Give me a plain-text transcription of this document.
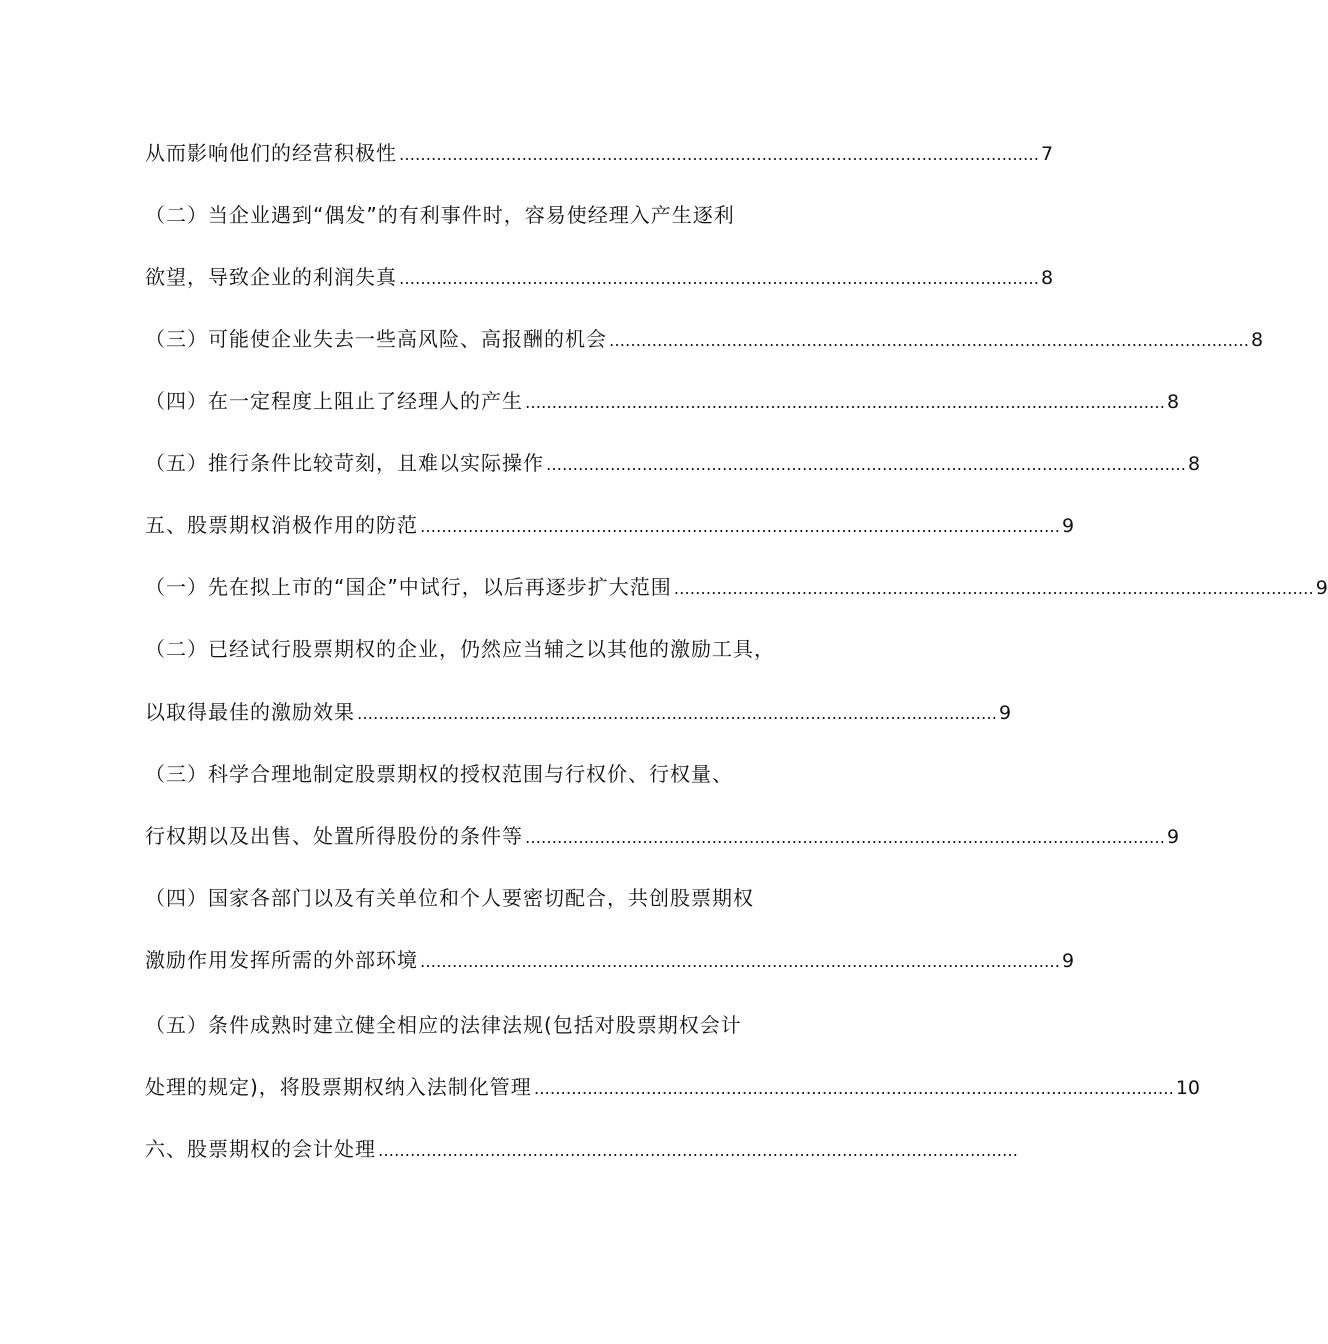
从而影响他们的经营积极性 ………………………………………………………………………………………………………… 7
（二）当企业遇到“偶发”的有利事件时，容易使经理入产生逐利
欲望，导致企业的利润失真 ………………………………………………………………………………………………………… 8
（三）可能使企业失去一些高风险、高报酬的机会 ………………………………………………………………………………………………………… 8
（四）在一定程度上阻止了经理人的产生 ………………………………………………………………………………………………………… 8
（五）推行条件比较苛刻，且难以实际操作 ………………………………………………………………………………………………………… 8
五、股票期权消极作用的防范 ………………………………………………………………………………………………………… 9
（一）先在拟上市的“国企”中试行，以后再逐步扩大范围 ………………………………………………………………………………………………………… 9
（二）已经试行股票期权的企业，仍然应当辅之以其他的激励工具，
以取得最佳的激励效果 ………………………………………………………………………………………………………… 9
（三）科学合理地制定股票期权的授权范围与行权价、行权量、
行权期以及出售、处置所得股份的条件等 ………………………………………………………………………………………………………… 9
（四）国家各部门以及有关单位和个人要密切配合，共创股票期权
激励作用发挥所需的外部环境 ………………………………………………………………………………………………………… 9
（五）条件成熟时建立健全相应的法律法规(包括对股票期权会计
处理的规定)，将股票期权纳入法制化管理 ………………………………………………………………………………………………………… 10
六、股票期权的会计处理 …………………………………………………………………………………………………………
